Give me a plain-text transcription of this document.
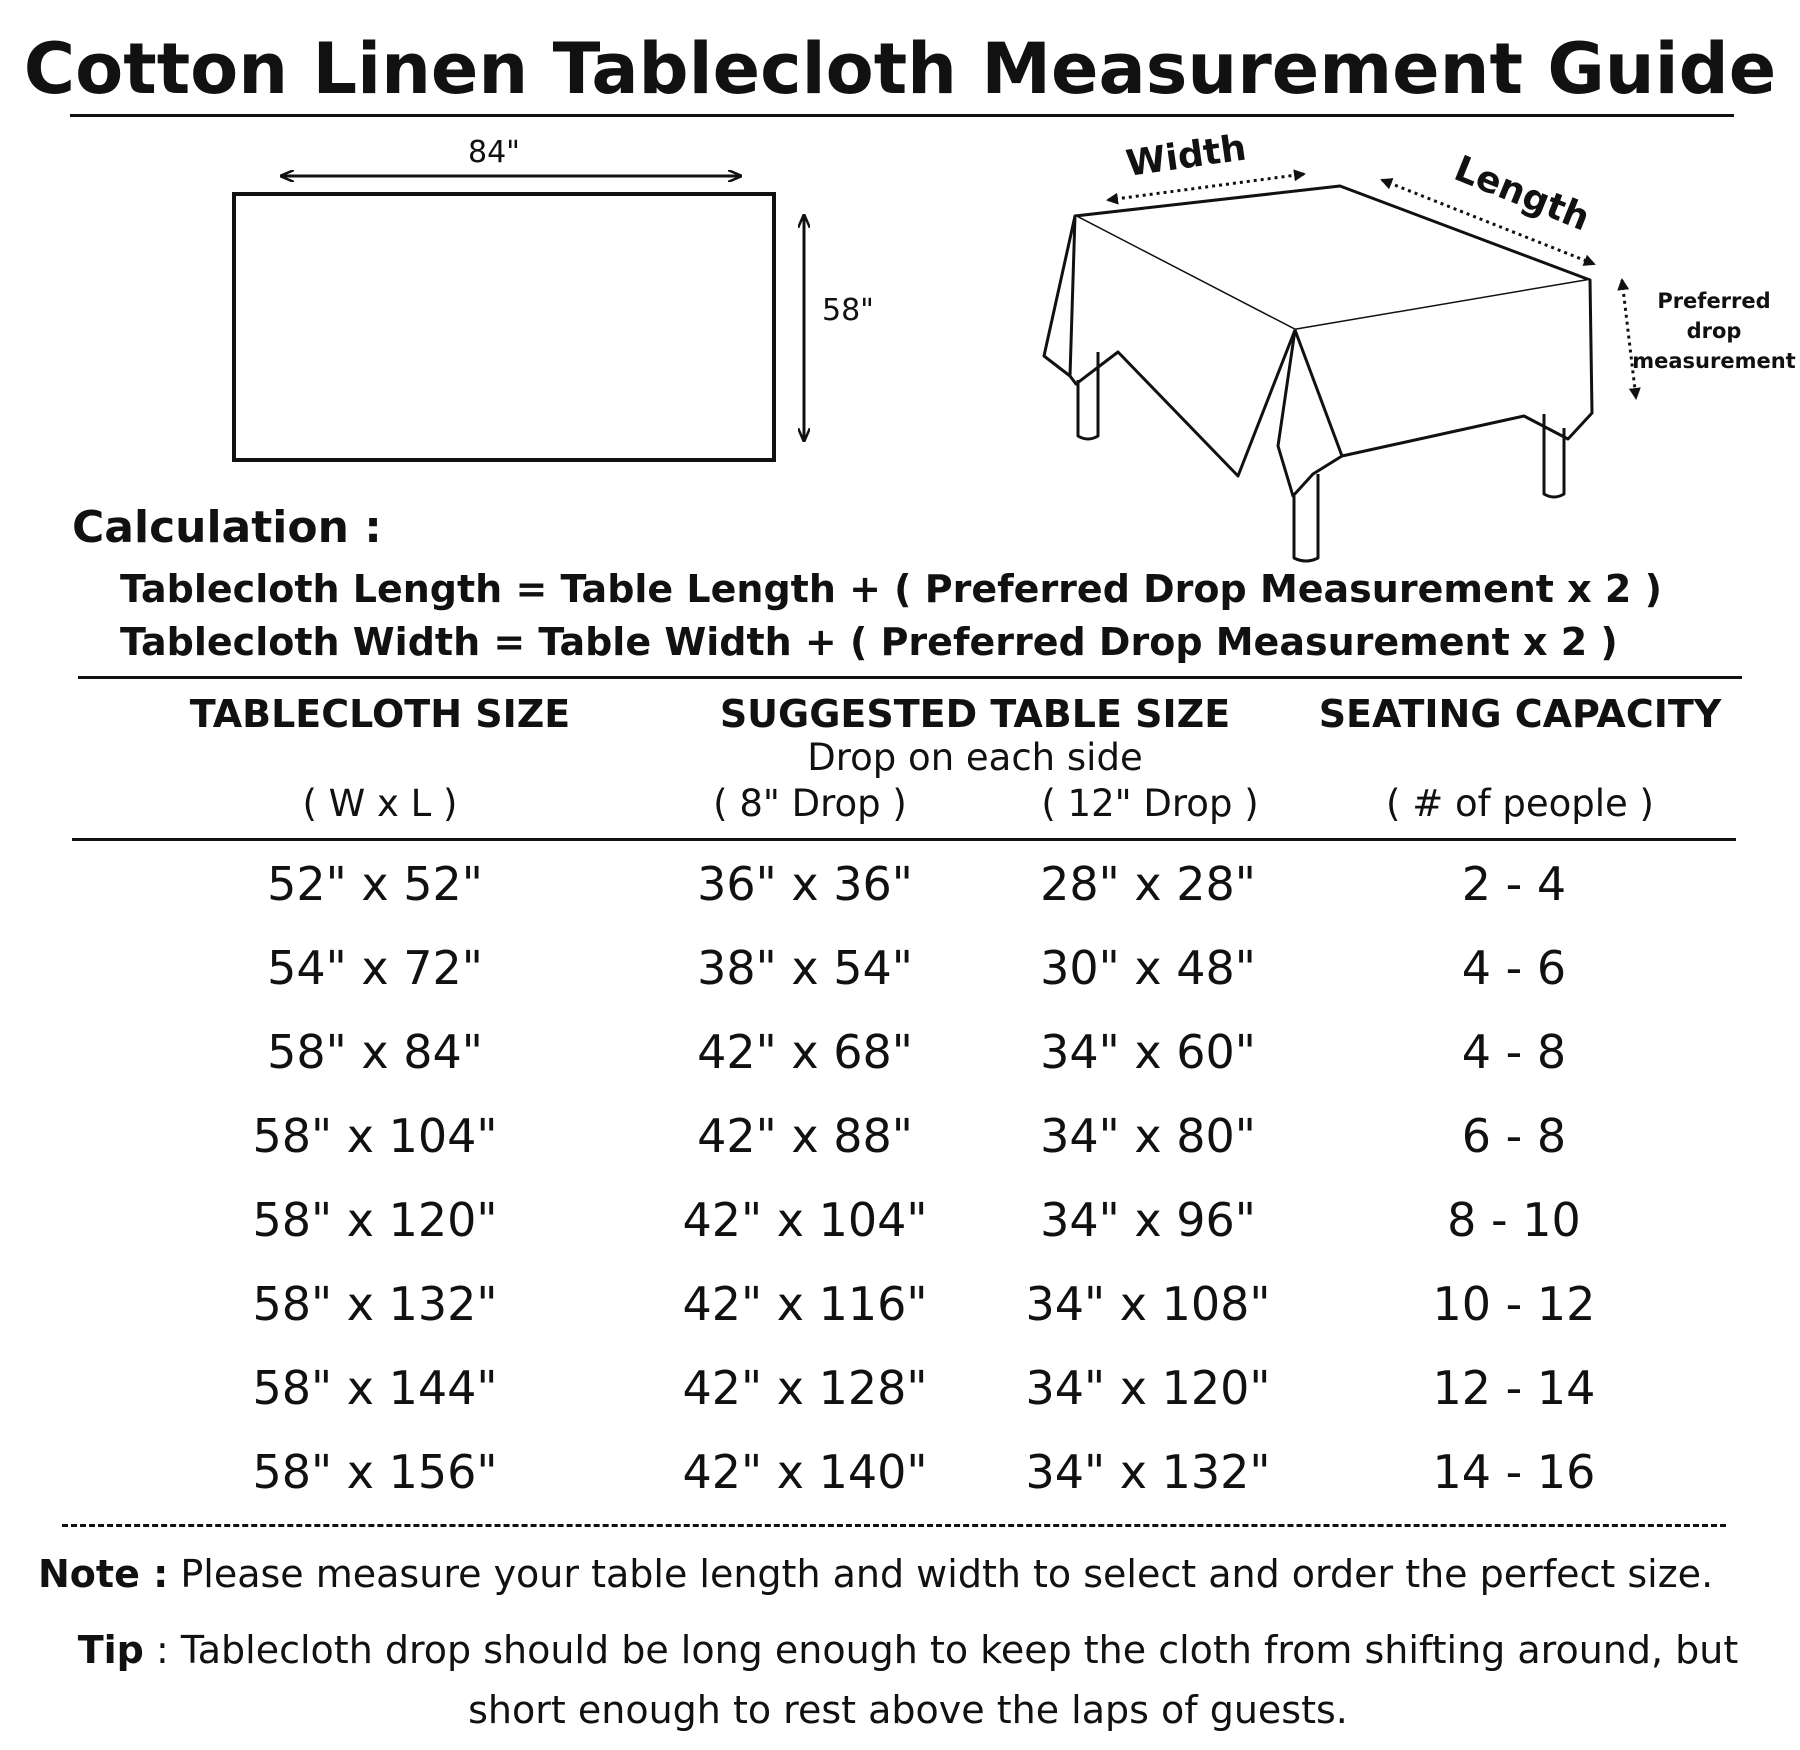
Cotton Linen Tablecloth Measurement Guide
84"
58"
Width	Length
Preferred
drop
measurement
Calculation :
Tablecloth Length = Table Length + ( Preferred Drop Measurement x 2 )
Tablecloth Width = Table Width + ( Preferred Drop Measurement x 2 )
TABLECLOTH SIZE
( W x L )
SUGGESTED TABLE SIZE
Drop on each side
( 8" Drop )	( 12" Drop )
SEATING CAPACITY
( # of people )
52" x 52"	36" x 36"	28" x 28"	2 - 4
54" x 72"	38" x 54"	30" x 48"	4 - 6
58" x 84"	42" x 68"	34" x 60"	4 - 8
58" x 104"	42" x 88"	34" x 80"	6 - 8
58" x 120"	42" x 104"	34" x 96"	8 - 10
58" x 132"	42" x 116"	34" x 108"	10 - 12
58" x 144"	42" x 128"	34" x 120"	12 - 14
58" x 156"	42" x 140"	34" x 132"	14 - 16
Note : Please measure your table length and width to select and order the perfect size.
Tip : Tablecloth drop should be long enough to keep the cloth from shifting around, but short enough to rest above the laps of guests.
